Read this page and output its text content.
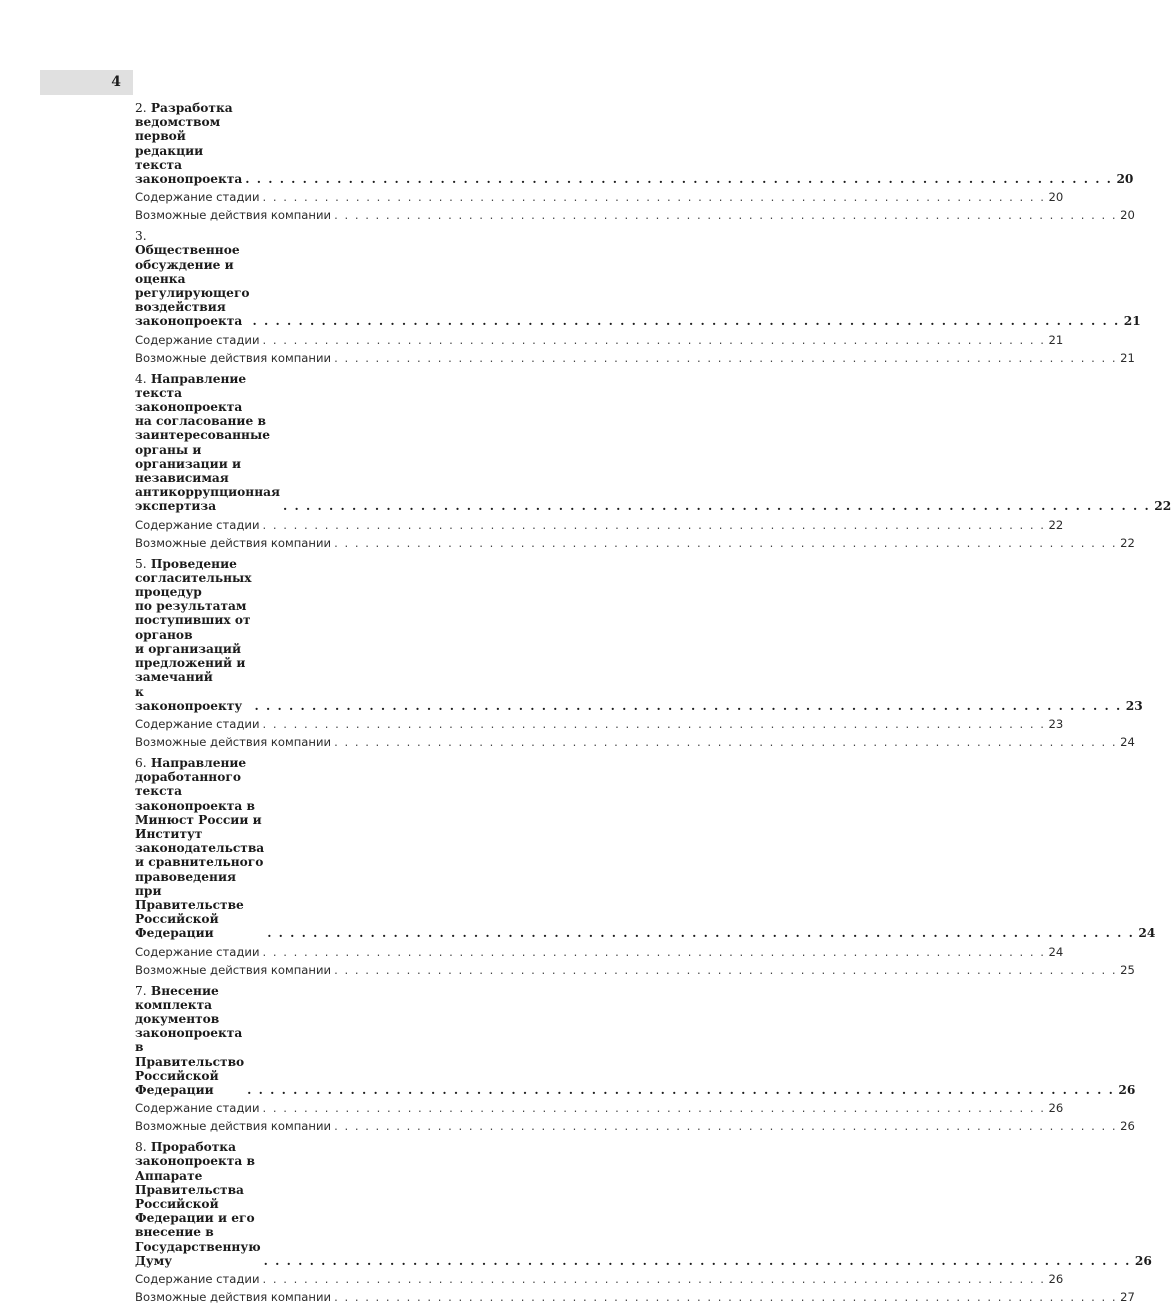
4
2. Разработка ведомством первой редакции текста
законопроекта . . . . . . . . . . . . . . . . . . . . . . . . . . . . . . . . . . . . . . . . . . . . . . . . . . . . . . . . . . . . . . . . . . . . . . . . . . . . 20
Содержание стадии . . . . . . . . . . . . . . . . . . . . . . . . . . . . . . . . . . . . . . . . . . . . . . . . . . . . . . . . . . . . . . . . . . . . . . . . . . . . 20
Возможные действия компании . . . . . . . . . . . . . . . . . . . . . . . . . . . . . . . . . . . . . . . . . . . . . . . . . . . . . . . . . . . . . . . . . . . . . . . . . . . . 20
3. Общественное обсуждение и оценка
регулирующего воздействия законопроекта . . . . . . . . . . . . . . . . . . . . . . . . . . . . . . . . . . . . . . . . . . . . . . . . . . . . . . . . . . . . . . . . . . . . . . . . . . . . 21
Содержание стадии . . . . . . . . . . . . . . . . . . . . . . . . . . . . . . . . . . . . . . . . . . . . . . . . . . . . . . . . . . . . . . . . . . . . . . . . . . . . 21
Возможные действия компании . . . . . . . . . . . . . . . . . . . . . . . . . . . . . . . . . . . . . . . . . . . . . . . . . . . . . . . . . . . . . . . . . . . . . . . . . . . . 21
4. Направление текста законопроекта
на согласование в заинтересованные
органы и организации и независимая
антикоррупционная экспертиза	. . . . . . . . . . . . . . . . . . . . . . . . . . . . . . . . . . . . . . . . . . . . . . . . . . . . . . . . . . . . . . . . . . . . . . . . . . . . 22
Содержание стадии . . . . . . . . . . . . . . . . . . . . . . . . . . . . . . . . . . . . . . . . . . . . . . . . . . . . . . . . . . . . . . . . . . . . . . . . . . . . 22
Возможные действия компании . . . . . . . . . . . . . . . . . . . . . . . . . . . . . . . . . . . . . . . . . . . . . . . . . . . . . . . . . . . . . . . . . . . . . . . . . . . . 22
5. Проведение согласительных процедур
по результатам поступивших от органов
и организаций предложений и замечаний
к законопроекту	. . . . . . . . . . . . . . . . . . . . . . . . . . . . . . . . . . . . . . . . . . . . . . . . . . . . . . . . . . . . . . . . . . . . . . . . . . . . 23
Содержание стадии . . . . . . . . . . . . . . . . . . . . . . . . . . . . . . . . . . . . . . . . . . . . . . . . . . . . . . . . . . . . . . . . . . . . . . . . . . . . 23
Возможные действия компании . . . . . . . . . . . . . . . . . . . . . . . . . . . . . . . . . . . . . . . . . . . . . . . . . . . . . . . . . . . . . . . . . . . . . . . . . . . . 24
6. Направление доработанного текста
законопроекта в Минюст России и Институт
законодательства и сравнительного
правоведения при Правительстве Российской
Федерации	. . . . . . . . . . . . . . . . . . . . . . . . . . . . . . . . . . . . . . . . . . . . . . . . . . . . . . . . . . . . . . . . . . . . . . . . . . . . 24
Содержание стадии . . . . . . . . . . . . . . . . . . . . . . . . . . . . . . . . . . . . . . . . . . . . . . . . . . . . . . . . . . . . . . . . . . . . . . . . . . . . 24
Возможные действия компании . . . . . . . . . . . . . . . . . . . . . . . . . . . . . . . . . . . . . . . . . . . . . . . . . . . . . . . . . . . . . . . . . . . . . . . . . . . . 25
7. Внесение комплекта документов законопроекта
в Правительство Российской Федерации	. . . . . . . . . . . . . . . . . . . . . . . . . . . . . . . . . . . . . . . . . . . . . . . . . . . . . . . . . . . . . . . . . . . . . . . . . . . . 26
Содержание стадии . . . . . . . . . . . . . . . . . . . . . . . . . . . . . . . . . . . . . . . . . . . . . . . . . . . . . . . . . . . . . . . . . . . . . . . . . . . . 26
Возможные действия компании . . . . . . . . . . . . . . . . . . . . . . . . . . . . . . . . . . . . . . . . . . . . . . . . . . . . . . . . . . . . . . . . . . . . . . . . . . . . 26
8. Проработка законопроекта в Аппарате
Правительства Российской Федерации и его
внесение в Государственную Думу	. . . . . . . . . . . . . . . . . . . . . . . . . . . . . . . . . . . . . . . . . . . . . . . . . . . . . . . . . . . . . . . . . . . . . . . . . . . . 26
Содержание стадии . . . . . . . . . . . . . . . . . . . . . . . . . . . . . . . . . . . . . . . . . . . . . . . . . . . . . . . . . . . . . . . . . . . . . . . . . . . . 26
Возможные действия компании . . . . . . . . . . . . . . . . . . . . . . . . . . . . . . . . . . . . . . . . . . . . . . . . . . . . . . . . . . . . . . . . . . . . . . . . . . . . 27
